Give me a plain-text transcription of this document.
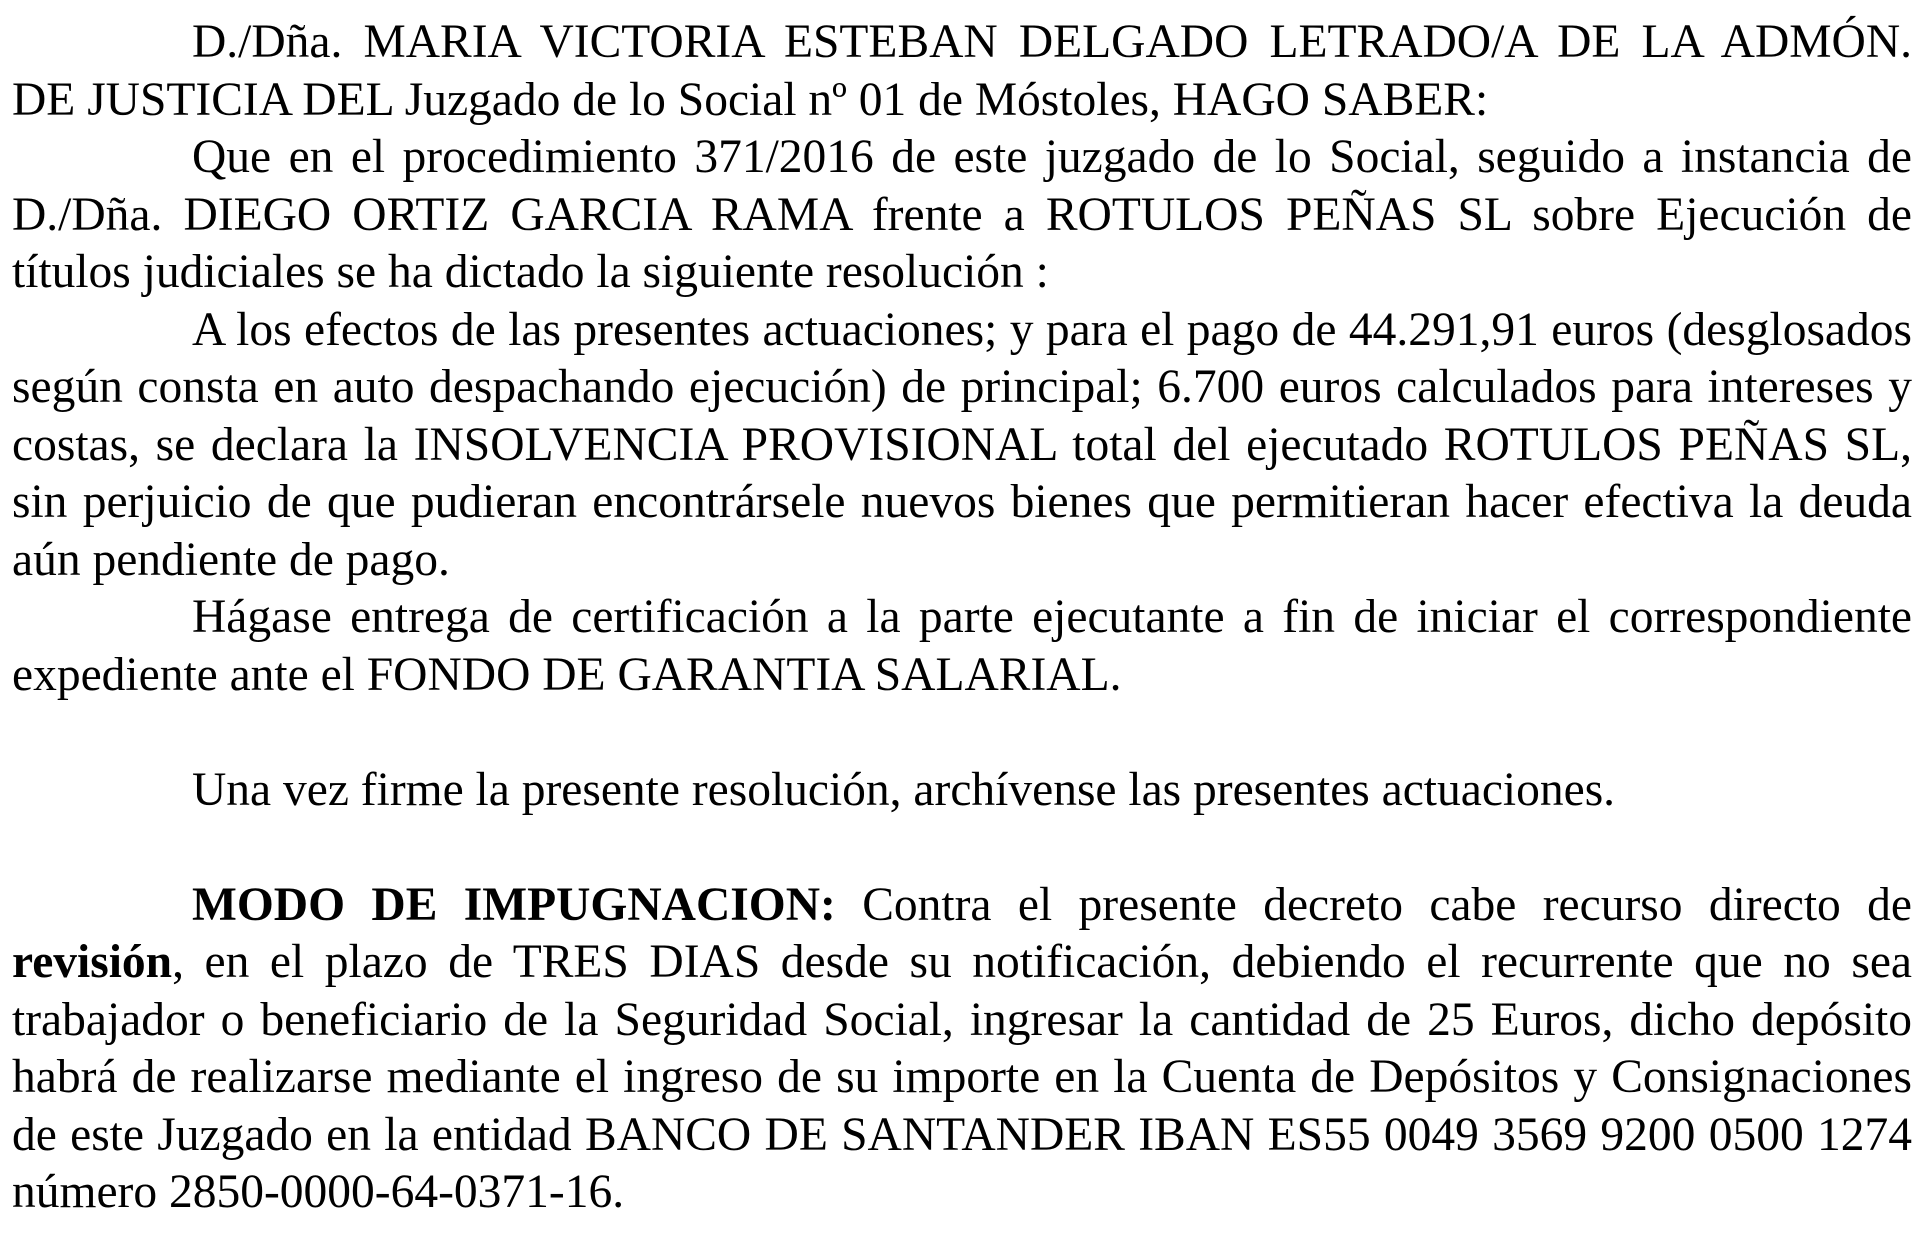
D./Dña. MARIA VICTORIA ESTEBAN DELGADO LETRADO/A DE LA ADMÓN. DE JUSTICIA DEL Juzgado de lo Social nº 01 de Móstoles, HAGO SABER:

Que en el procedimiento 371/2016 de este juzgado de lo Social, seguido a instancia de D./Dña. DIEGO ORTIZ GARCIA RAMA frente a ROTULOS PEÑAS SL sobre Ejecución de títulos judiciales se ha dictado la siguiente resolución :

A los efectos de las presentes actuaciones; y para el pago de 44.291,91 euros (desglosados según consta en auto despachando ejecución) de principal; 6.700 euros calculados para intereses y costas, se declara la INSOLVENCIA PROVISIONAL total del ejecutado ROTULOS PEÑAS SL, sin perjuicio de que pudieran encontrársele nuevos bienes que permitieran hacer efectiva la deuda aún pendiente de pago.

Hágase entrega de certificación a la parte ejecutante a fin de iniciar el correspondiente expediente ante el FONDO DE GARANTIA SALARIAL.

Una vez firme la presente resolución, archívense las presentes actuaciones.

MODO DE IMPUGNACION: Contra el presente decreto cabe recurso directo de revisión, en el plazo de TRES DIAS desde su notificación, debiendo el recurrente que no sea trabajador o beneficiario de la Seguridad Social, ingresar la cantidad de 25 Euros, dicho depósito habrá de realizarse mediante el ingreso de su importe en la Cuenta de Depósitos y Consignaciones de este Juzgado en la entidad BANCO DE SANTANDER IBAN ES55 0049 3569 9200 0500 1274 número 2850-0000-64-0371-16.
